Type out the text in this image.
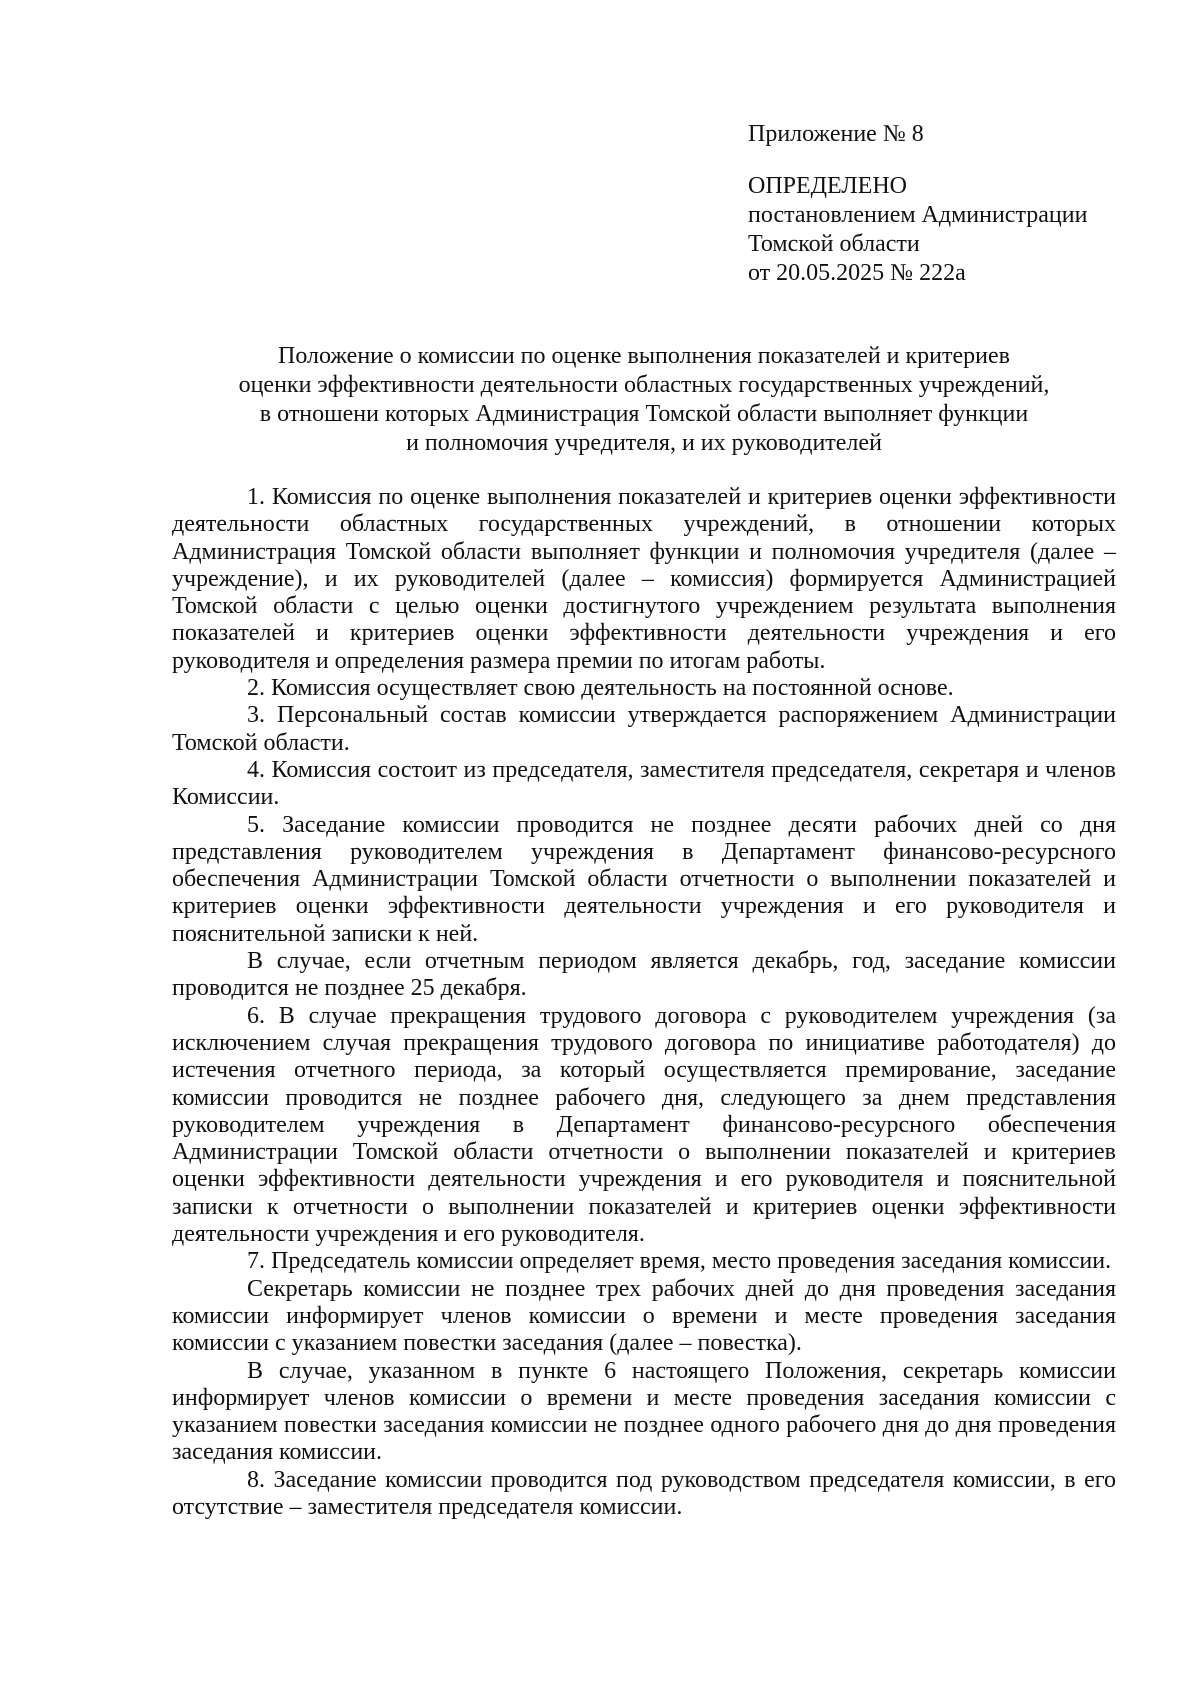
Приложение № 8
ОПРЕДЕЛЕНО
постановлением Администрации
Томской области
от 20.05.2025 № 222а
Положение о комиссии по оценке выполнения показателей и критериев
оценки эффективности деятельности областных государственных учреждений,
в отношени которых Администрация Томской области выполняет функции
и полномочия учредителя, и их руководителей

1. Комиссия по оценке выполнения показателей и критериев оценки эффективности деятельности областных государственных учреждений, в отношении которых Администрация Томской области выполняет функции и полномочия учредителя (далее – учреждение), и их руководителей (далее – комиссия) формируется Администрацией Томской области с целью оценки достигнутого учреждением результата выполнения показателей и критериев оценки эффективности деятельности учреждения и его руководителя и определения размера премии по итогам работы.

2. Комиссия осуществляет свою деятельность на постоянной основе.

3. Персональный состав комиссии утверждается распоряжением Администрации Томской области.

4. Комиссия состоит из председателя, заместителя председателя, секретаря и членов Комиссии.

5. Заседание комиссии проводится не позднее десяти рабочих дней со дня представления руководителем учреждения в Департамент финансово-ресурсного обеспечения Администрации Томской области отчетности о выполнении показателей и критериев оценки эффективности деятельности учреждения и его руководителя и пояснительной записки к ней.

В случае, если отчетным периодом является декабрь, год, заседание комиссии проводится не позднее 25 декабря.

6. В случае прекращения трудового договора с руководителем учреждения (за исключением случая прекращения трудового договора по инициативе работодателя) до истечения отчетного периода, за который осуществляется премирование, заседание комиссии проводится не позднее рабочего дня, следующего за днем представления руководителем учреждения в Департамент финансово-ресурсного обеспечения Администрации Томской области отчетности о выполнении показателей и критериев оценки эффективности деятельности учреждения и его руководителя и пояснительной записки к отчетности о выполнении показателей и критериев оценки эффективности деятельности учреждения и его руководителя.

7. Председатель комиссии определяет время, место проведения заседания комиссии.

Секретарь комиссии не позднее трех рабочих дней до дня проведения заседания комиссии информирует членов комиссии о времени и месте проведения заседания комиссии с указанием повестки заседания (далее – повестка).

В случае, указанном в пункте 6 настоящего Положения, секретарь комиссии информирует членов комиссии о времени и месте проведения заседания комиссии с указанием повестки заседания комиссии не позднее одного рабочего дня до дня проведения заседания комиссии.

8. Заседание комиссии проводится под руководством председателя комиссии, в его отсутствие – заместителя председателя комиссии.
